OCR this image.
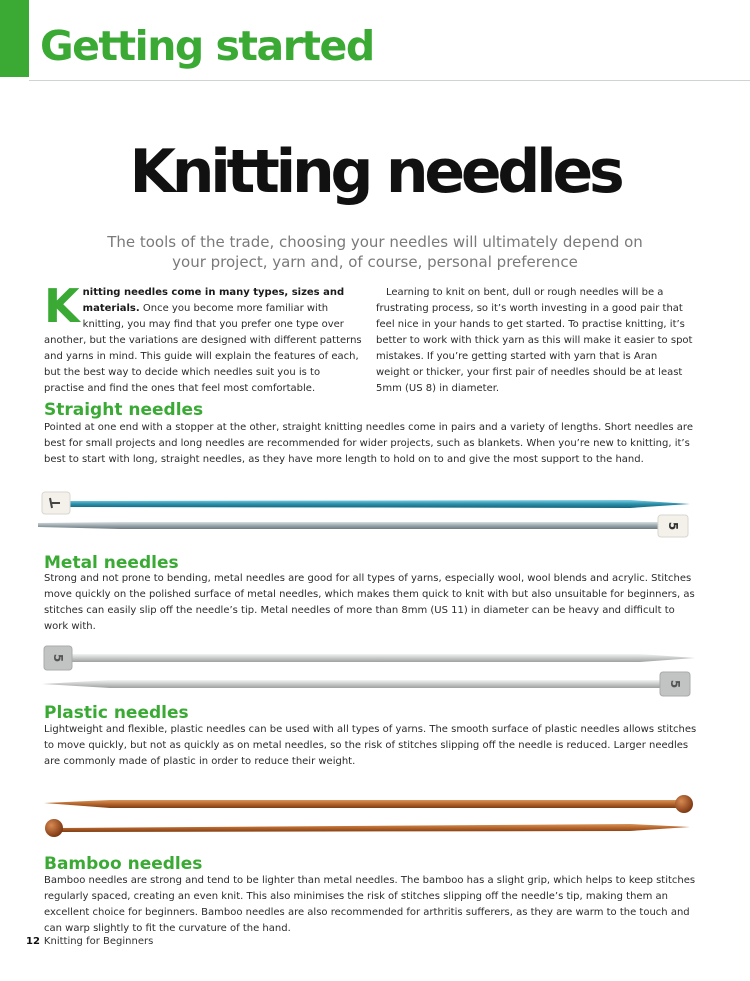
Getting started
Knitting needles

The tools of the trade, choosing your needles will ultimately depend on your project, yarn and, of course, personal preference

K nitting needles come in many types, sizes and materials. Once you become more familiar with knitting, you may find that you prefer one type over another, but the variations are designed with different patterns and yarns in mind. This guide will explain the features of each, but the best way to decide which needles suit you is to practise and find the ones that feel most comfortable.

Learning to knit on bent, dull or rough needles will be a frustrating process, so it’s worth investing in a good pair that feel nice in your hands to get started. To practise knitting, it’s better to work with thick yarn as this will make it easier to spot mistakes. If you’re getting started with yarn that is Aran weight or thicker, your first pair of needles should be at least 5mm (US 8) in diameter.

Straight needles

Pointed at one end with a stopper at the other, straight knitting needles come in pairs and a variety of lengths. Short needles are best for small projects and long needles are recommended for wider projects, such as blankets. When you’re new to knitting, it’s best to start with long, straight needles, as they have more length to hold on to and give the most support to the hand.

5
Metal needles

Strong and not prone to bending, metal needles are good for all types of yarns, especially wool, wool blends and acrylic. Stitches move quickly on the polished surface of metal needles, which makes them quick to knit with but also unsuitable for beginners, as stitches can easily slip off the needle’s tip. Metal needles of more than 8mm (US 11) in diameter can be heavy and difficult to work with.

5
5
Plastic needles

Lightweight and flexible, plastic needles can be used with all types of yarns. The smooth surface of plastic needles allows stitches to move quickly, but not as quickly as on metal needles, so the risk of stitches slipping off the needle is reduced. Larger needles are commonly made of plastic in order to reduce their weight.

Bamboo needles

Bamboo needles are strong and tend to be lighter than metal needles. The bamboo has a slight grip, which helps to keep stitches regularly spaced, creating an even knit. This also minimises the risk of stitches slipping off the needle’s tip, making them an excellent choice for beginners. Bamboo needles are also recommended for arthritis sufferers, as they are warm to the touch and can warp slightly to fit the curvature of the hand.

12 Knitting for Beginners
